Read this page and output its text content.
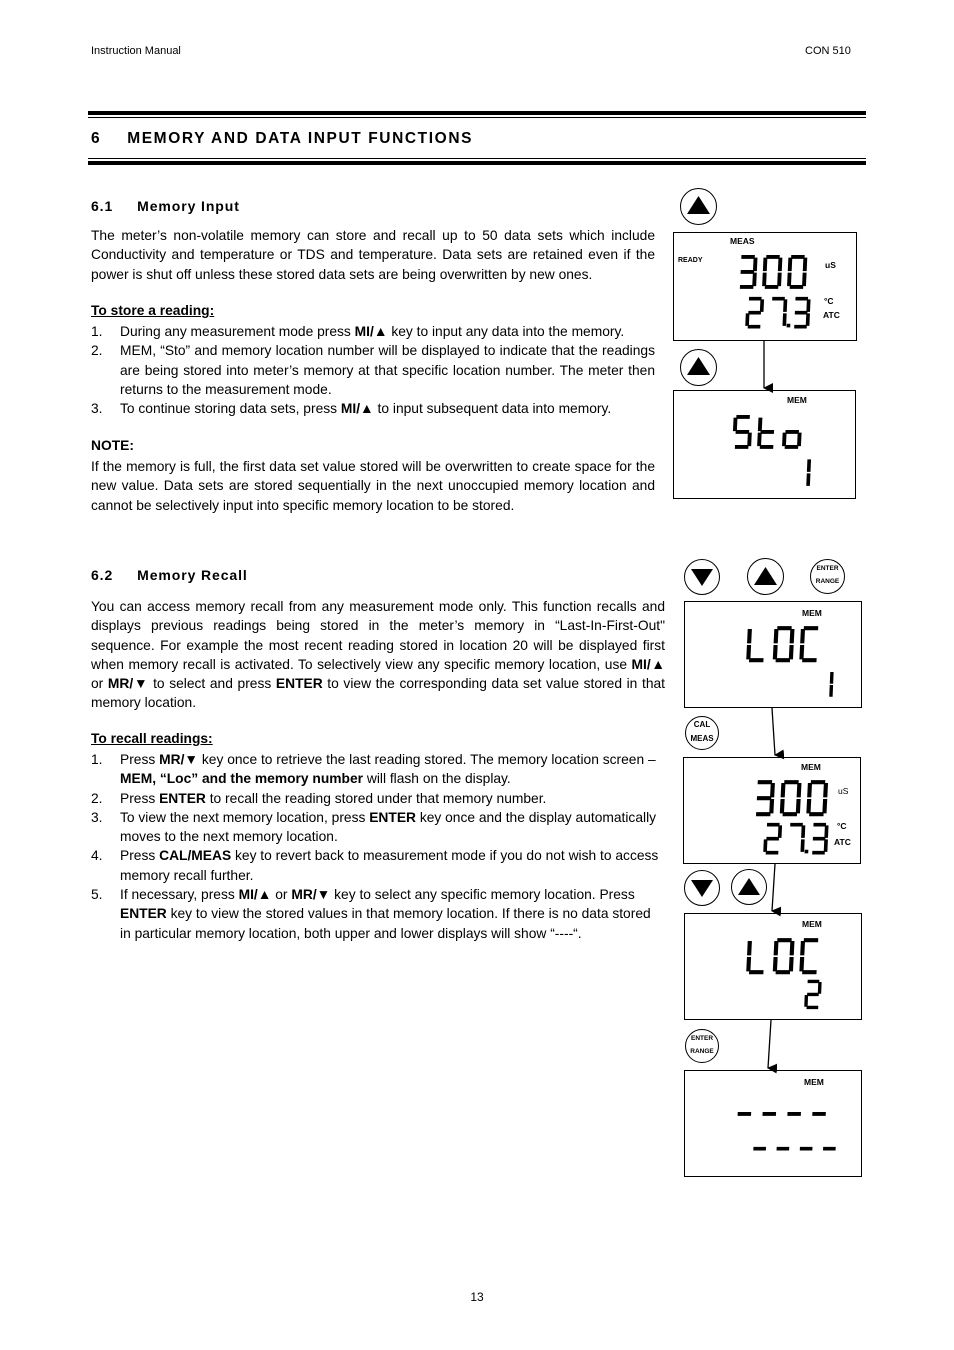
Instruction Manual	CON 510
6 MEMORY AND DATA INPUT FUNCTIONS
6.1 Memory Input
The meter’s non-volatile memory can store and recall up to 50 data sets which include Conductivity and temperature or TDS and temperature. Data sets are retained even if the power is shut off unless these stored data sets are being overwritten by new ones.
To store a reading:
1. During any measurement mode press MI/▲ key to input any data into the memory.
2. MEM, “Sto” and memory location number will be displayed to indicate that the readings are being stored into meter’s memory at that specific location number. The meter then returns to the measurement mode.
3. To continue storing data sets, press MI/▲ to input subsequent data into memory.
NOTE:
If the memory is full, the first data set value stored will be overwritten to create space for the new value. Data sets are stored sequentially in the next unoccupied memory location and cannot be selectively input into specific memory location to be stored.
6.2 Memory Recall
You can access memory recall from any measurement mode only. This function recalls and displays previous readings being stored in the meter’s memory in “Last-In-First-Out" sequence. For example the most recent reading stored in location 20 will be displayed first when memory recall is activated. To selectively view any specific memory location, use MI/▲ or MR/▼ to select and press ENTER to view the corresponding data set value stored in that memory location.
To recall readings:
1. Press MR/▼ key once to retrieve the last reading stored. The memory location screen – MEM, “Loc” and the memory number will flash on the display.
2. Press ENTER to recall the reading stored under that memory number.
3. To view the next memory location, press ENTER key once and the display automatically moves to the next memory location.
4. Press CAL/MEAS key to revert back to measurement mode if you do not wish to access memory recall further.
5. If necessary, press MI/▲ or MR/▼ key to select any specific memory location. Press ENTER key to view the stored values in that memory location. If there is no data stored in particular memory location, both upper and lower displays will show “----“.
MEAS
READY	uS
°C
ATC
MEM
ENTER
RANGE
MEM
CAL
MEAS
MEM
uS
°C
ATC
MEM
ENTER
RANGE
MEM
13
